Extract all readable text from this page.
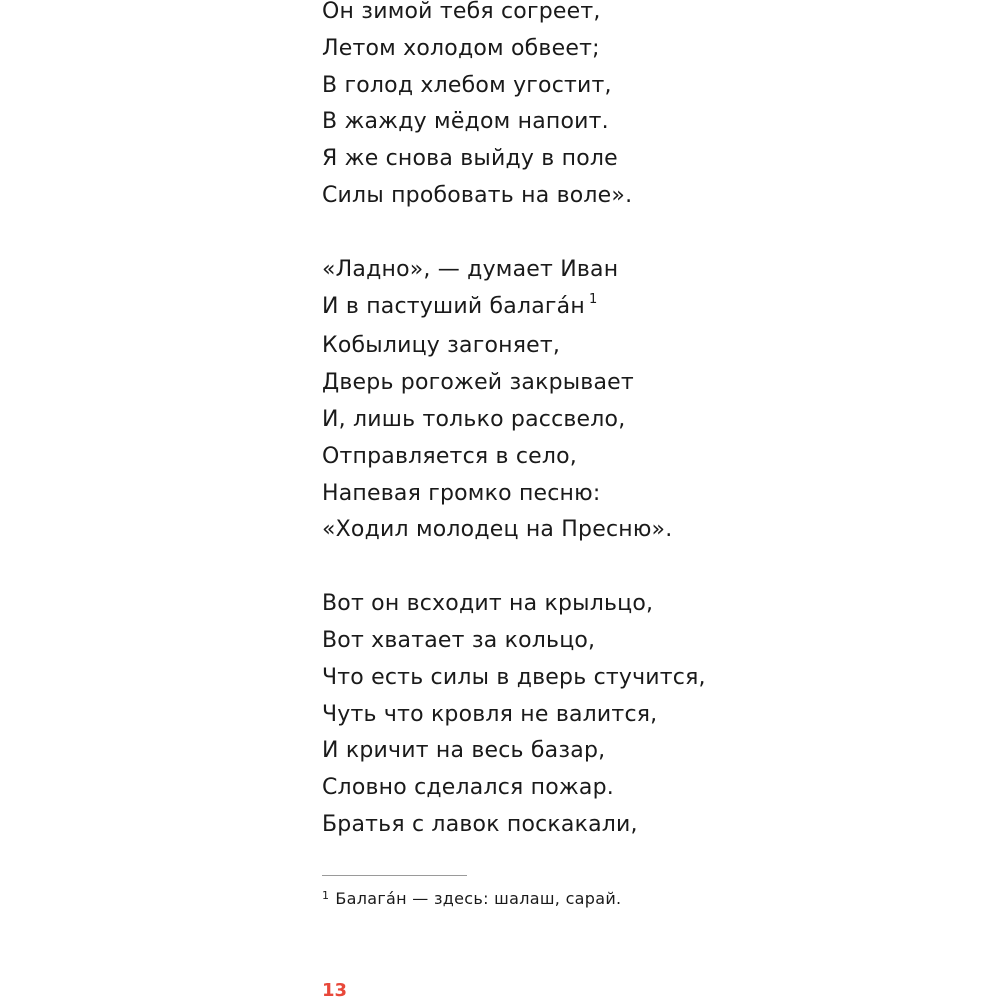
Он зимой тебя согреет,
Летом холодом обвеет;
В голод хлебом угостит,
В жажду мёдом напоит.
Я же снова выйду в поле
Силы пробовать на воле».
«Ладно», — думает Иван
И в пастуший балага́н $^1$
Кобылицу загоняет,
Дверь рогожей закрывает
И, лишь только рассвело,
Отправляется в село,
Напевая громко песню:
«Ходил молодец на Пресню».
Вот он всходит на крыльцо,
Вот хватает за кольцо,
Что есть силы в дверь стучится,
Чуть что кровля не валится,
И кричит на весь базар,
Словно сделался пожар.
Братья с лавок поскакали,
$^1$ Балага́н — здесь: шалаш, сарай.
13
